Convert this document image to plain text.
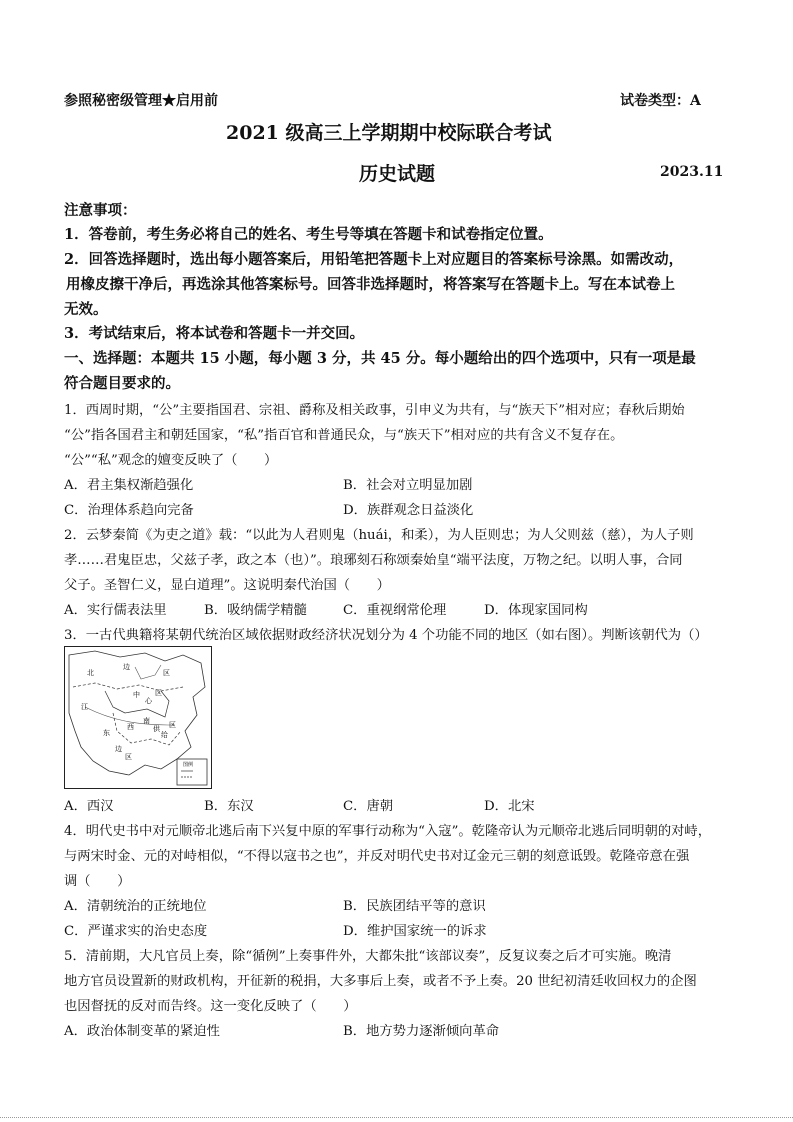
参照秘密级管理★启用前	试卷类型：A
2021 级高三上学期期中校际联合考试
历史试题	2023.11
注意事项：
1．答卷前，考生务必将自己的姓名、考生号等填在答题卡和试卷指定位置。
2．回答选择题时，选出每小题答案后，用铅笔把答题卡上对应题目的答案标号涂黑。如需改动，
用橡皮擦干净后，再选涂其他答案标号。回答非选择题时，将答案写在答题卡上。写在本试卷上
无效。
3．考试结束后，将本试卷和答题卡一并交回。
一、选择题：本题共 15 小题，每小题 3 分，共 45 分。每小题给出的四个选项中，只有一项是最
符合题目要求的。
1．西周时期，“公”主要指国君、宗祖、爵称及相关政事，引申义为共有，与“族天下”相对应；春秋后期始
“公”指各国君主和朝廷国家，“私”指百官和普通民众，与“族天下”相对应的共有含义不复存在。
“公”“私”观念的嬗变反映了（　　）
A．君主集权渐趋强化	B．社会对立明显加剧
C．治理体系趋向完备	D．族群观念日益淡化
2．云梦秦简《为吏之道》载：“以此为人君则鬼（huái，和柔），为人臣则忠；为人父则兹（慈），为人子则
孝……君鬼臣忠，父兹子孝，政之本（也）”。琅琊刻石称颂秦始皇“端平法度，万物之纪。以明人事，合同
父子。圣智仁义，显白道理”。这说明秦代治国（　　）
A．实行儒表法里	B．吸纳儒学精髓	C．重视纲常伦理	D．体现家国同构
3．一古代典籍将某朝代统治区域依据财政经济状况划分为 4 个功能不同的地区（如右图）。判断该朝代为（）
北
边
区
中
心
区
江
西
东
南
供
给
区
边
区
图例
A．西汉	B．东汉	C．唐朝	D．北宋
4．明代史书中对元顺帝北逃后南下兴复中原的军事行动称为“入寇”。乾隆帝认为元顺帝北逃后同明朝的对峙，
与两宋时金、元的对峙相似，“不得以寇书之也”，并反对明代史书对辽金元三朝的刻意诋毁。乾隆帝意在强
调（　　）
A．清朝统治的正统地位	B．民族团结平等的意识
C．严谨求实的治史态度	D．维护国家统一的诉求
5．清前期，大凡官员上奏，除“循例”上奏事件外，大都朱批“该部议奏”，反复议奏之后才可实施。晚清
地方官员设置新的财政机构，开征新的税捐，大多事后上奏，或者不予上奏。20 世纪初清廷收回权力的企图
也因督抚的反对而告终。这一变化反映了（　　）
A．政治体制变革的紧迫性	B．地方势力逐渐倾向革命
